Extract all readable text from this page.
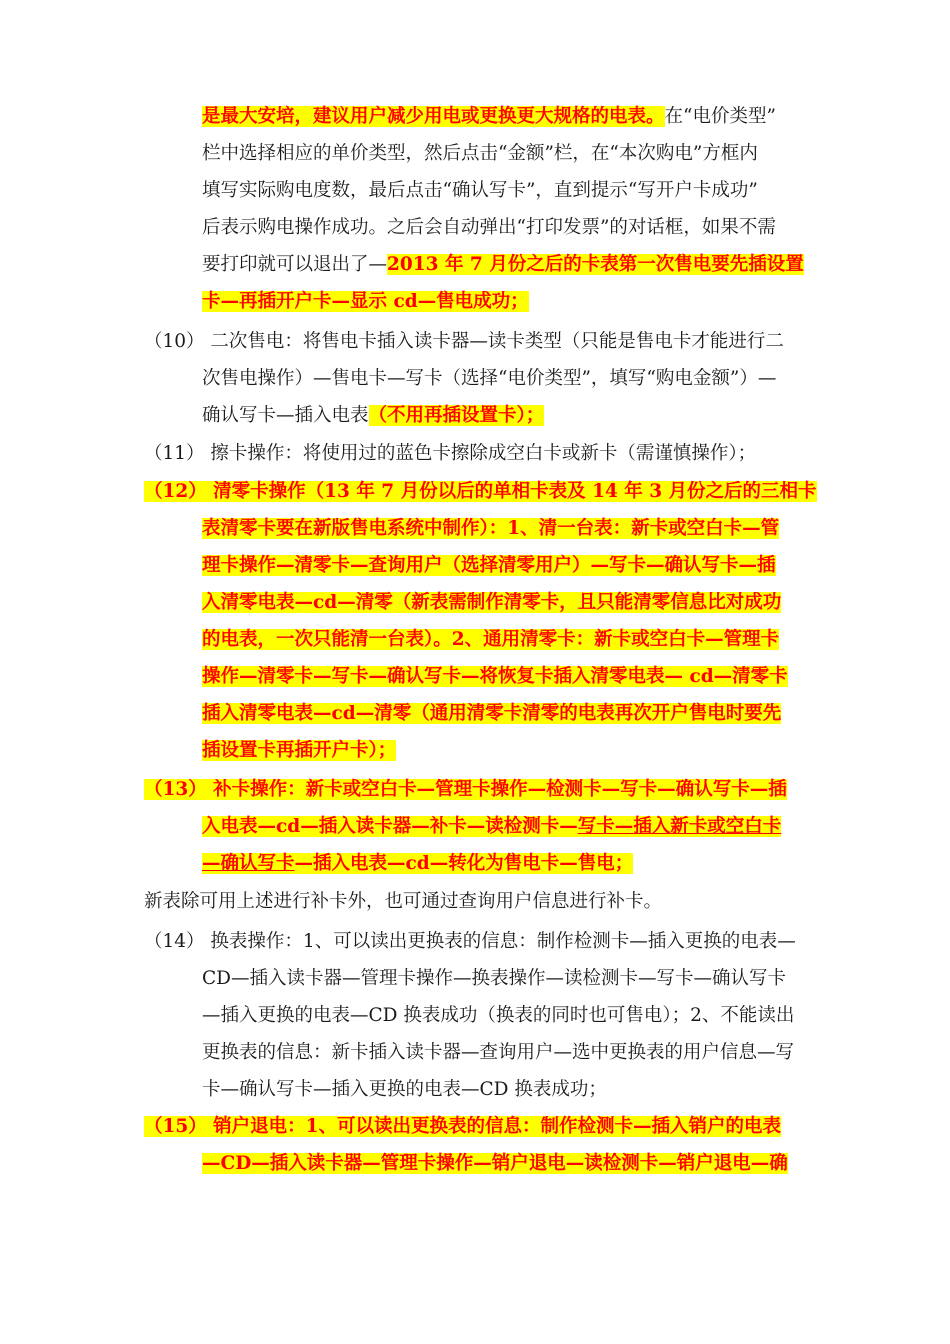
是最大安培，建议用户减少用电或更换更大规格的电表。在“电价类型”
栏中选择相应的单价类型，然后点击“金额”栏，在“本次购电”方框内
填写实际购电度数，最后点击“确认写卡”，直到提示“写开户卡成功”
后表示购电操作成功。之后会自动弹出“打印发票”的对话框，如果不需
要打印就可以退出了—2013 年 7 月份之后的卡表第一次售电要先插设置
卡—再插开户卡—显示 cd—售电成功；
（10） 二次售电：将售电卡插入读卡器—读卡类型（只能是售电卡才能进行二
次售电操作）—售电卡—写卡（选择“电价类型”，填写“购电金额”）—
确认写卡—插入电表（不用再插设置卡）；
（11） 擦卡操作：将使用过的蓝色卡擦除成空白卡或新卡（需谨慎操作）；
（12） 清零卡操作（13 年 7 月份以后的单相卡表及 14 年 3 月份之后的三相卡
表清零卡要在新版售电系统中制作）：1、清一台表：新卡或空白卡—管
理卡操作—清零卡—查询用户（选择清零用户）—写卡—确认写卡—插
入清零电表—cd—清零（新表需制作清零卡，且只能清零信息比对成功
的电表，一次只能清一台表）。2、通用清零卡：新卡或空白卡—管理卡
操作—清零卡—写卡—确认写卡—将恢复卡插入清零电表— cd—清零卡
插入清零电表—cd—清零（通用清零卡清零的电表再次开户售电时要先
插设置卡再插开户卡）；
（13） 补卡操作：新卡或空白卡—管理卡操作—检测卡—写卡—确认写卡—插
入电表—cd—插入读卡器—补卡—读检测卡—写卡—插入新卡或空白卡
—确认写卡—插入电表—cd—转化为售电卡—售电；
新表除可用上述进行补卡外，也可通过查询用户信息进行补卡。
（14） 换表操作：1、可以读出更换表的信息：制作检测卡—插入更换的电表—
CD—插入读卡器—管理卡操作—换表操作—读检测卡—写卡—确认写卡
—插入更换的电表—CD 换表成功（换表的同时也可售电）；2、不能读出
更换表的信息：新卡插入读卡器—查询用户—选中更换表的用户信息—写
卡—确认写卡—插入更换的电表—CD 换表成功；
（15） 销户退电：1、可以读出更换表的信息：制作检测卡—插入销户的电表
—CD—插入读卡器—管理卡操作—销户退电—读检测卡—销户退电—确
